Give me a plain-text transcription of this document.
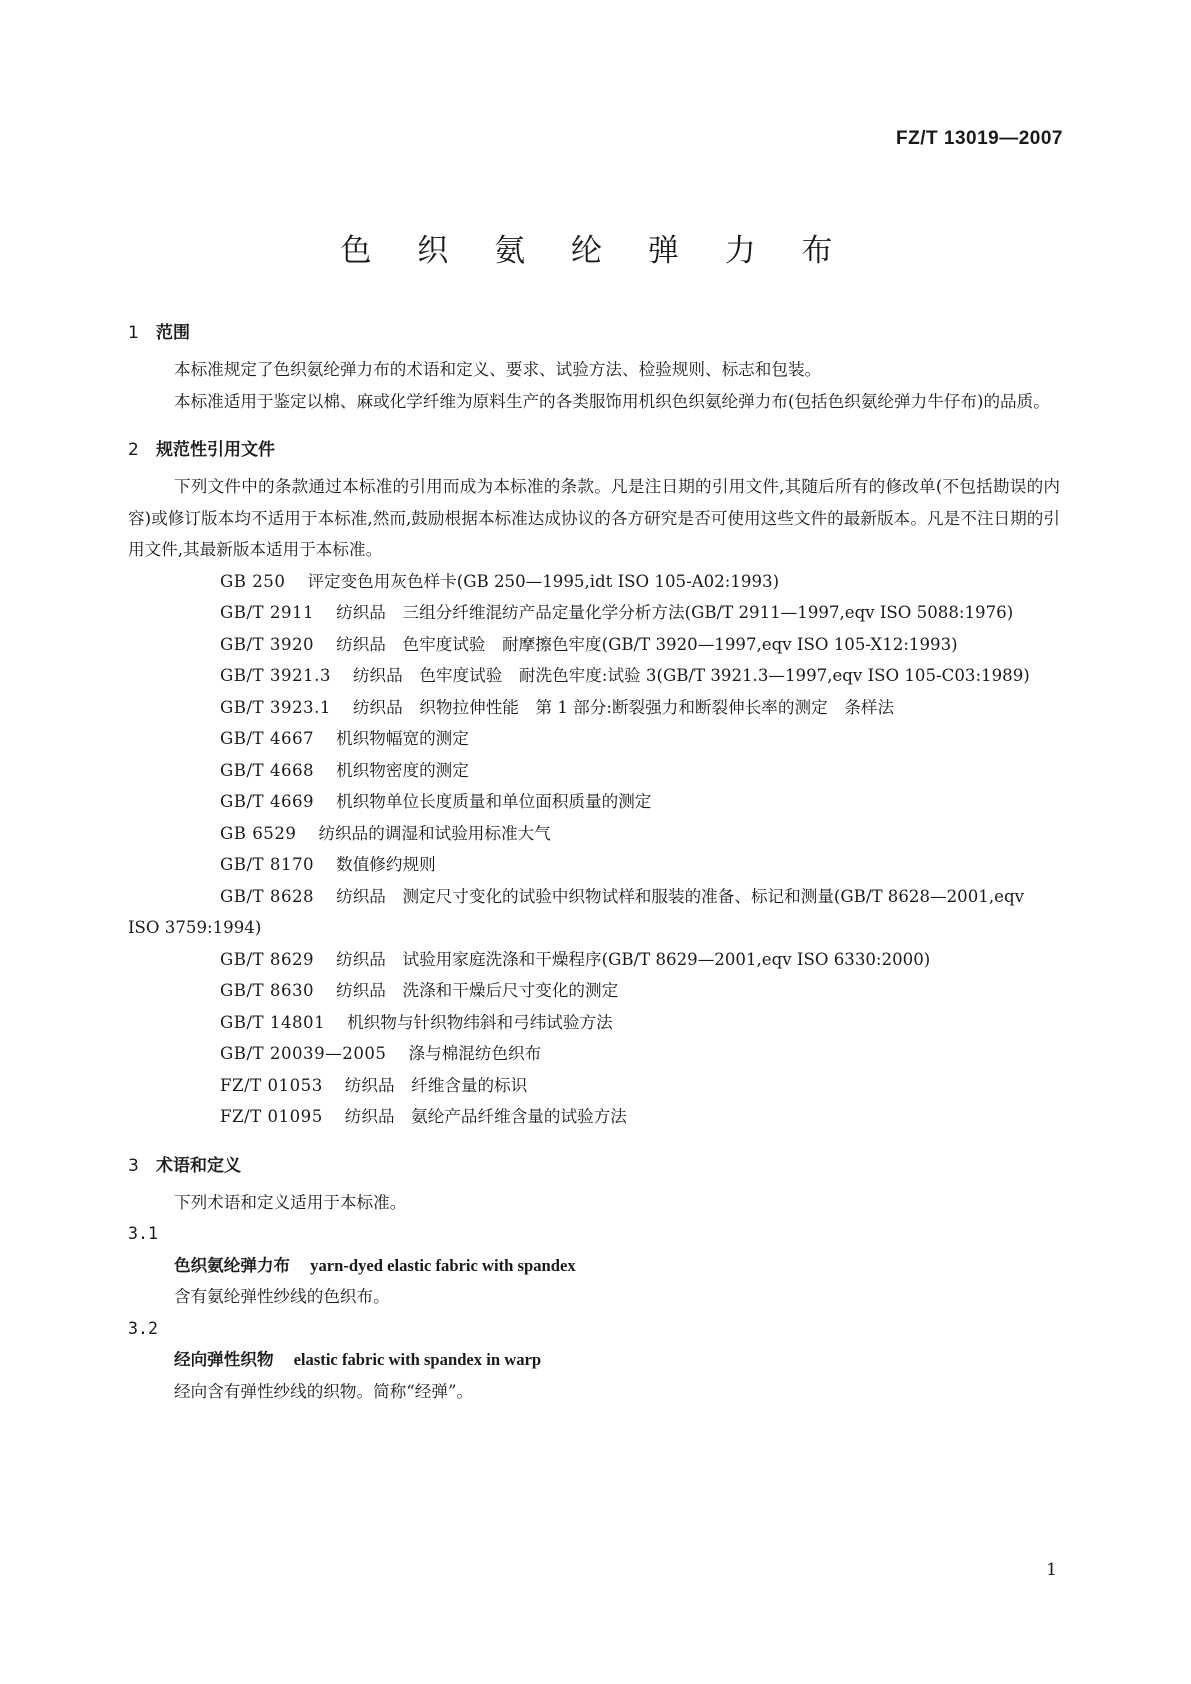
FZ/T 13019—2007
色 织 氨 纶 弹 力 布
1 范围
本标准规定了色织氨纶弹力布的术语和定义、要求、试验方法、检验规则、标志和包装。
本标准适用于鉴定以棉、麻或化学纤维为原料生产的各类服饰用机织色织氨纶弹力布(包括色织氨纶弹力牛仔布)的品质。
2 规范性引用文件
下列文件中的条款通过本标准的引用而成为本标准的条款。凡是注日期的引用文件,其随后所有的修改单(不包括勘误的内容)或修订版本均不适用于本标准,然而,鼓励根据本标准达成协议的各方研究是否可使用这些文件的最新版本。凡是不注日期的引用文件,其最新版本适用于本标准。
GB 250 评定变色用灰色样卡(GB 250—1995,idt ISO 105-A02:1993)
GB/T 2911 纺织品　三组分纤维混纺产品定量化学分析方法(GB/T 2911—1997,eqv ISO 5088:1976)
GB/T 3920 纺织品　色牢度试验　耐摩擦色牢度(GB/T 3920—1997,eqv ISO 105-X12:1993)
GB/T 3921.3 纺织品　色牢度试验　耐洗色牢度:试验 3(GB/T 3921.3—1997,eqv ISO 105-C03:1989)
GB/T 3923.1 纺织品　织物拉伸性能　第 1 部分:断裂强力和断裂伸长率的测定　条样法
GB/T 4667 机织物幅宽的测定
GB/T 4668 机织物密度的测定
GB/T 4669 机织物单位长度质量和单位面积质量的测定
GB 6529 纺织品的调湿和试验用标准大气
GB/T 8170 数值修约规则
GB/T 8628 纺织品　测定尺寸变化的试验中织物试样和服装的准备、标记和测量(GB/T 8628—2001,eqv ISO 3759:1994)
GB/T 8629 纺织品　试验用家庭洗涤和干燥程序(GB/T 8629—2001,eqv ISO 6330:2000)
GB/T 8630 纺织品　洗涤和干燥后尺寸变化的测定
GB/T 14801 机织物与针织物纬斜和弓纬试验方法
GB/T 20039—2005 涤与棉混纺色织布
FZ/T 01053 纺织品　纤维含量的标识
FZ/T 01095 纺织品　氨纶产品纤维含量的试验方法
3 术语和定义
下列术语和定义适用于本标准。
3.1
色织氨纶弹力布 yarn-dyed elastic fabric with spandex
含有氨纶弹性纱线的色织布。
3.2
经向弹性织物 elastic fabric with spandex in warp
经向含有弹性纱线的织物。简称“经弹”。
1
